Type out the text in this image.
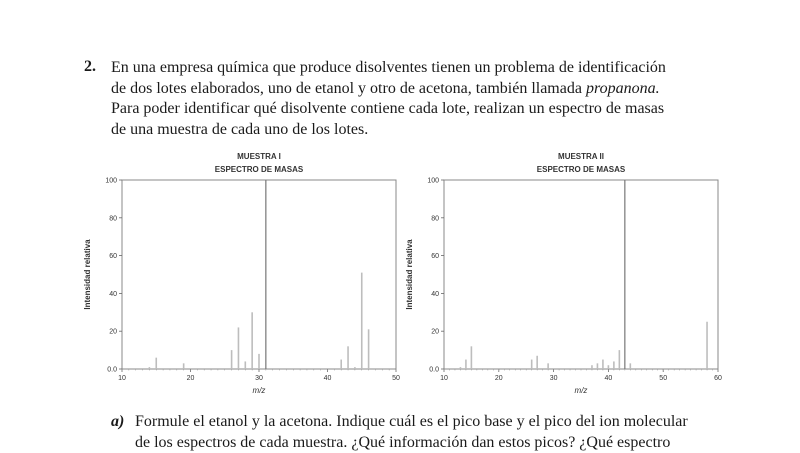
2. En una empresa química que produce disolventes tienen un problema de identificación
de dos lotes elaborados, uno de etanol y otro de acetona, también llamada propanona.
Para poder identificar qué disolvente contiene cada lote, realizan un espectro de masas
de una muestra de cada uno de los lotes.
MUESTRA I
ESPECTRO DE MASAS
0.0
20
40
60
80
100
10	20	30	40	50
m/z
Intensidad relativa
MUESTRA II
ESPECTRO DE MASAS
0.0
20
40
60
80
100
10	20	30	40	50	60
m/z
Intensidad relativa
a) Formule el etanol y la acetona. Indique cuál es el pico base y el pico del ion molecular
de los espectros de cada muestra. ¿Qué información dan estos picos? ¿Qué espectro
